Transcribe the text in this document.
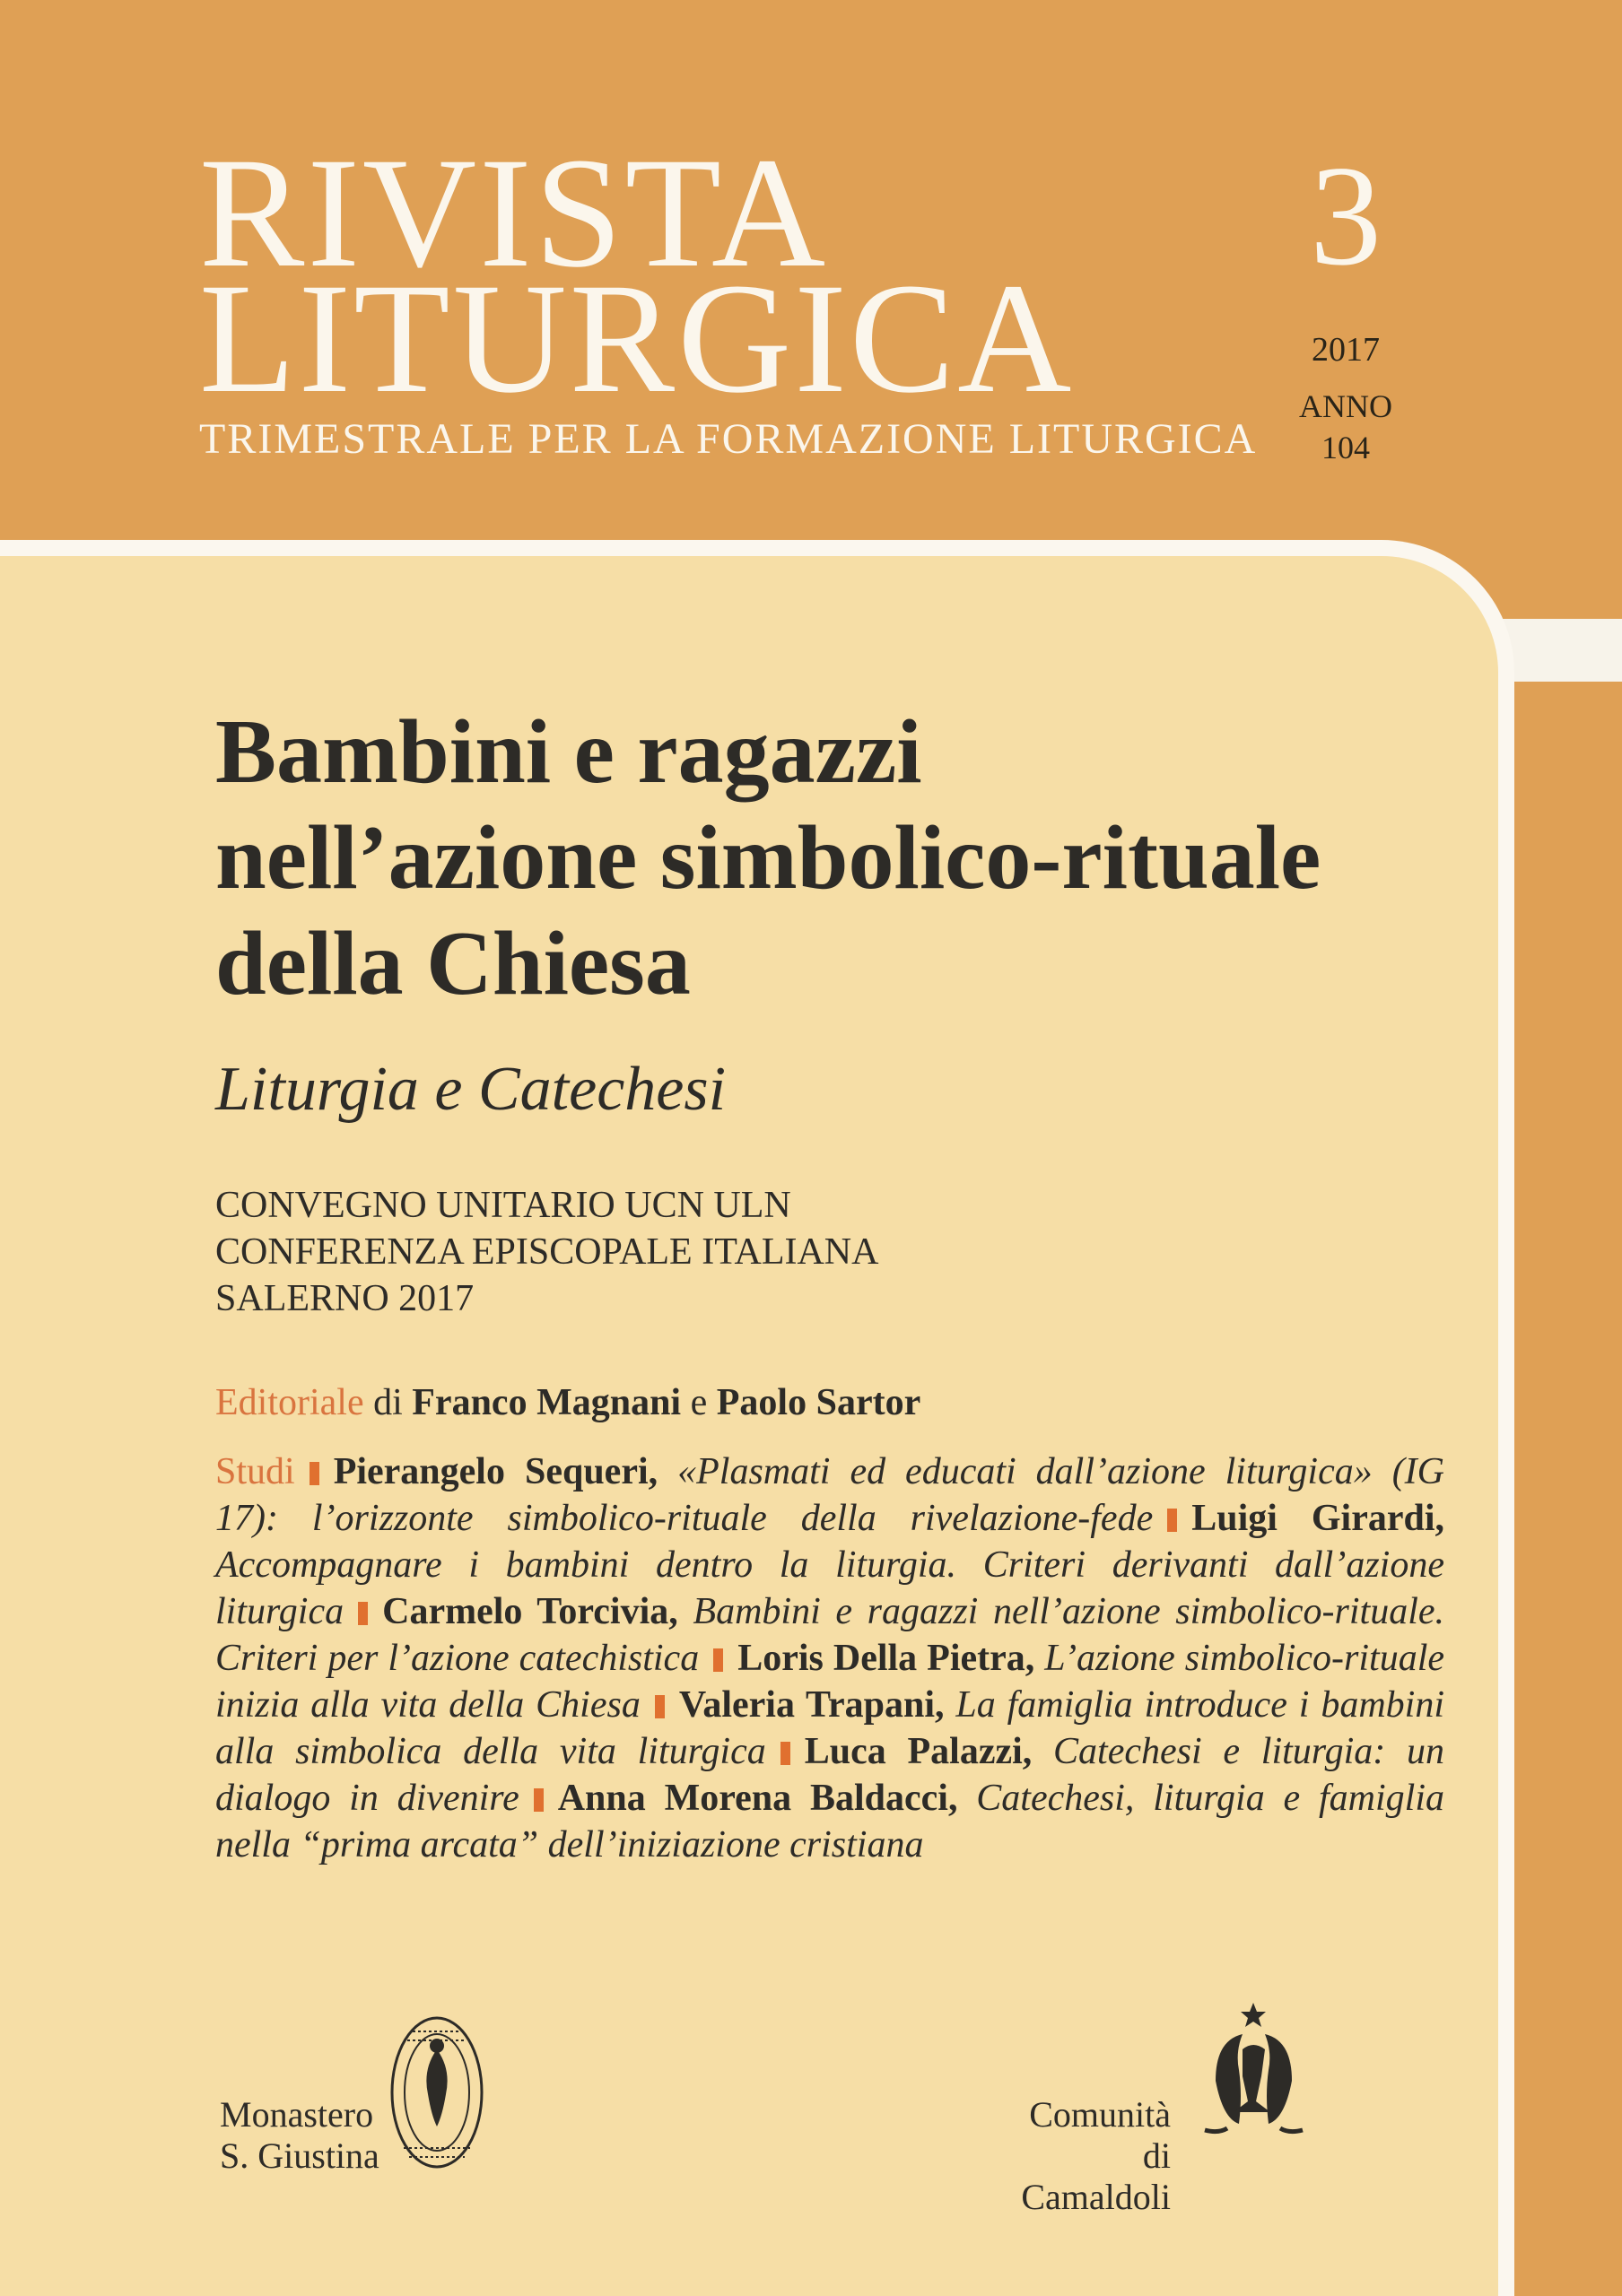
RIVISTA
LITURGICA
3
TRIMESTRALE PER LA FORMAZIONE LITURGICA
2017
ANNO
104
Bambini e ragazzi
nell’azione simbolico-rituale
della Chiesa
Liturgia e Catechesi
CONVEGNO UNITARIO UCN ULN
CONFERENZA EPISCOPALE ITALIANA
SALERNO 2017
Editoriale di Franco Magnani e Paolo Sartor
Studi Pierangelo Sequeri, «Plasmati ed educati dall’azione liturgica» (IG 17): l’orizzonte simbolico-rituale della rivelazione-fede Luigi Girardi, Accompagnare i bambini dentro la liturgia. Criteri derivanti dall’azione liturgica Carmelo Torcivia, Bambini e ragazzi nell’azione simbolico-rituale. Criteri per l’azione catechistica Loris Della Pietra, L’azione simbolico-rituale inizia alla vita della Chiesa Valeria Trapani, La famiglia introduce i bambini alla simbolica della vita liturgica Luca Palazzi, Catechesi e liturgia: un dialogo in divenire Anna Morena Baldacci, Catechesi, liturgia e famiglia nella “prima arcata” dell’iniziazione cristiana
Monastero
S. Giustina
Comunità
di Camaldoli
